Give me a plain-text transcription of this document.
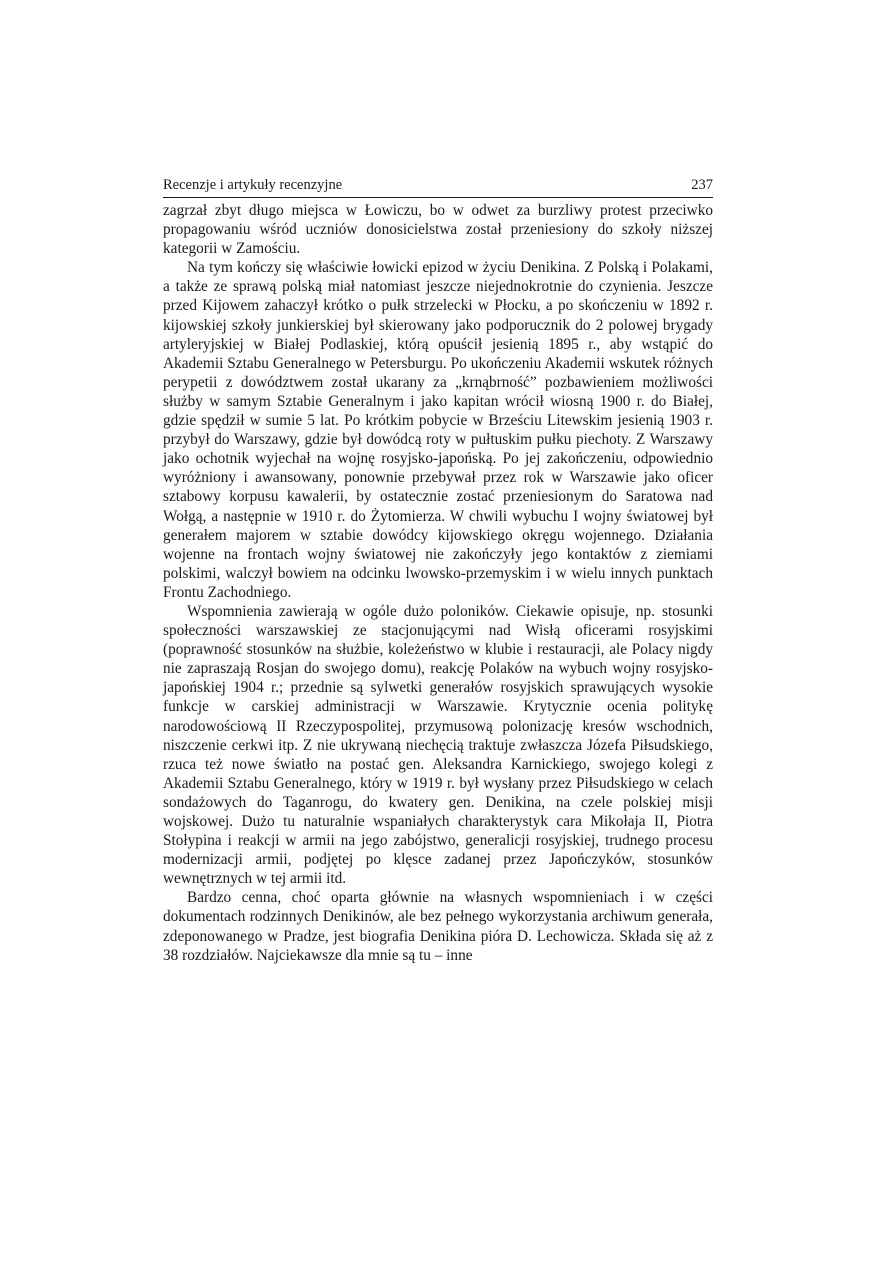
Recenzje i artykuły recenzyjne	237

zagrzał zbyt długo miejsca w Łowiczu, bo w odwet za burzliwy protest przeciwko propagowaniu wśród uczniów donosicielstwa został przeniesiony do szkoły niższej kategorii w Zamościu.

Na tym kończy się właściwie łowicki epizod w życiu Denikina. Z Polską i Polakami, a także ze sprawą polską miał natomiast jeszcze niejednokrotnie do czynienia. Jeszcze przed Kijowem zahaczył krótko o pułk strzelecki w Płocku, a po skończeniu w 1892 r. kijowskiej szkoły junkierskiej był skierowany jako podporucznik do 2 polowej brygady artyleryjskiej w Białej Podlaskiej, którą opuścił jesienią 1895 r., aby wstąpić do Akademii Sztabu Generalnego w Petersburgu. Po ukończeniu Akademii wskutek różnych perypetii z dowództwem został ukarany za „krnąbrność” pozbawieniem możliwości służby w samym Sztabie Generalnym i jako kapitan wrócił wiosną 1900 r. do Białej, gdzie spędził w sumie 5 lat. Po krótkim pobycie w Brześciu Litewskim jesienią 1903 r. przybył do Warszawy, gdzie był dowódcą roty w pułtuskim pułku piechoty. Z Warszawy jako ochotnik wyjechał na wojnę rosyjsko-japońską. Po jej zakończeniu, odpowiednio wyróżniony i awansowany, ponownie przebywał przez rok w Warszawie jako oficer sztabowy korpusu kawalerii, by ostatecznie zostać przeniesionym do Saratowa nad Wołgą, a następnie w 1910 r. do Żytomierza. W chwili wybuchu I wojny światowej był generałem majorem w sztabie dowódcy kijowskiego okręgu wojennego. Działania wojenne na frontach wojny światowej nie zakończyły jego kontaktów z ziemiami polskimi, walczył bowiem na odcinku lwowsko-przemyskim i w wielu innych punktach Frontu Zachodniego.

Wspomnienia zawierają w ogóle dużo poloników. Ciekawie opisuje, np. stosunki społeczności warszawskiej ze stacjonującymi nad Wisłą oficerami rosyjskimi (poprawność stosunków na służbie, koleżeństwo w klubie i restauracji, ale Polacy nigdy nie zapraszają Rosjan do swojego domu), reakcję Polaków na wybuch wojny rosyjsko-japońskiej 1904 r.; przednie są sylwetki generałów rosyjskich sprawujących wysokie funkcje w carskiej administracji w Warszawie. Krytycznie ocenia politykę narodowościową II Rzeczypospolitej, przymusową polonizację kresów wschodnich, niszczenie cerkwi itp. Z nie ukrywaną niechęcią traktuje zwłaszcza Józefa Piłsudskiego, rzuca też nowe światło na postać gen. Aleksandra Karnickiego, swojego kolegi z Akademii Sztabu Generalnego, który w 1919 r. był wysłany przez Piłsudskiego w celach sondażowych do Taganrogu, do kwatery gen. Denikina, na czele polskiej misji wojskowej. Dużo tu naturalnie wspaniałych charakterystyk cara Mikołaja II, Piotra Stołypina i reakcji w armii na jego zabójstwo, generalicji rosyjskiej, trudnego procesu modernizacji armii, podjętej po klęsce zadanej przez Japończyków, stosunków wewnętrznych w tej armii itd.

Bardzo cenna, choć oparta głównie na własnych wspomnieniach i w części dokumentach rodzinnych Denikinów, ale bez pełnego wykorzystania archiwum generała, zdeponowanego w Pradze, jest biografia Denikina pióra D. Lechowicza. Składa się aż z 38 rozdziałów. Najciekawsze dla mnie są tu – inne
